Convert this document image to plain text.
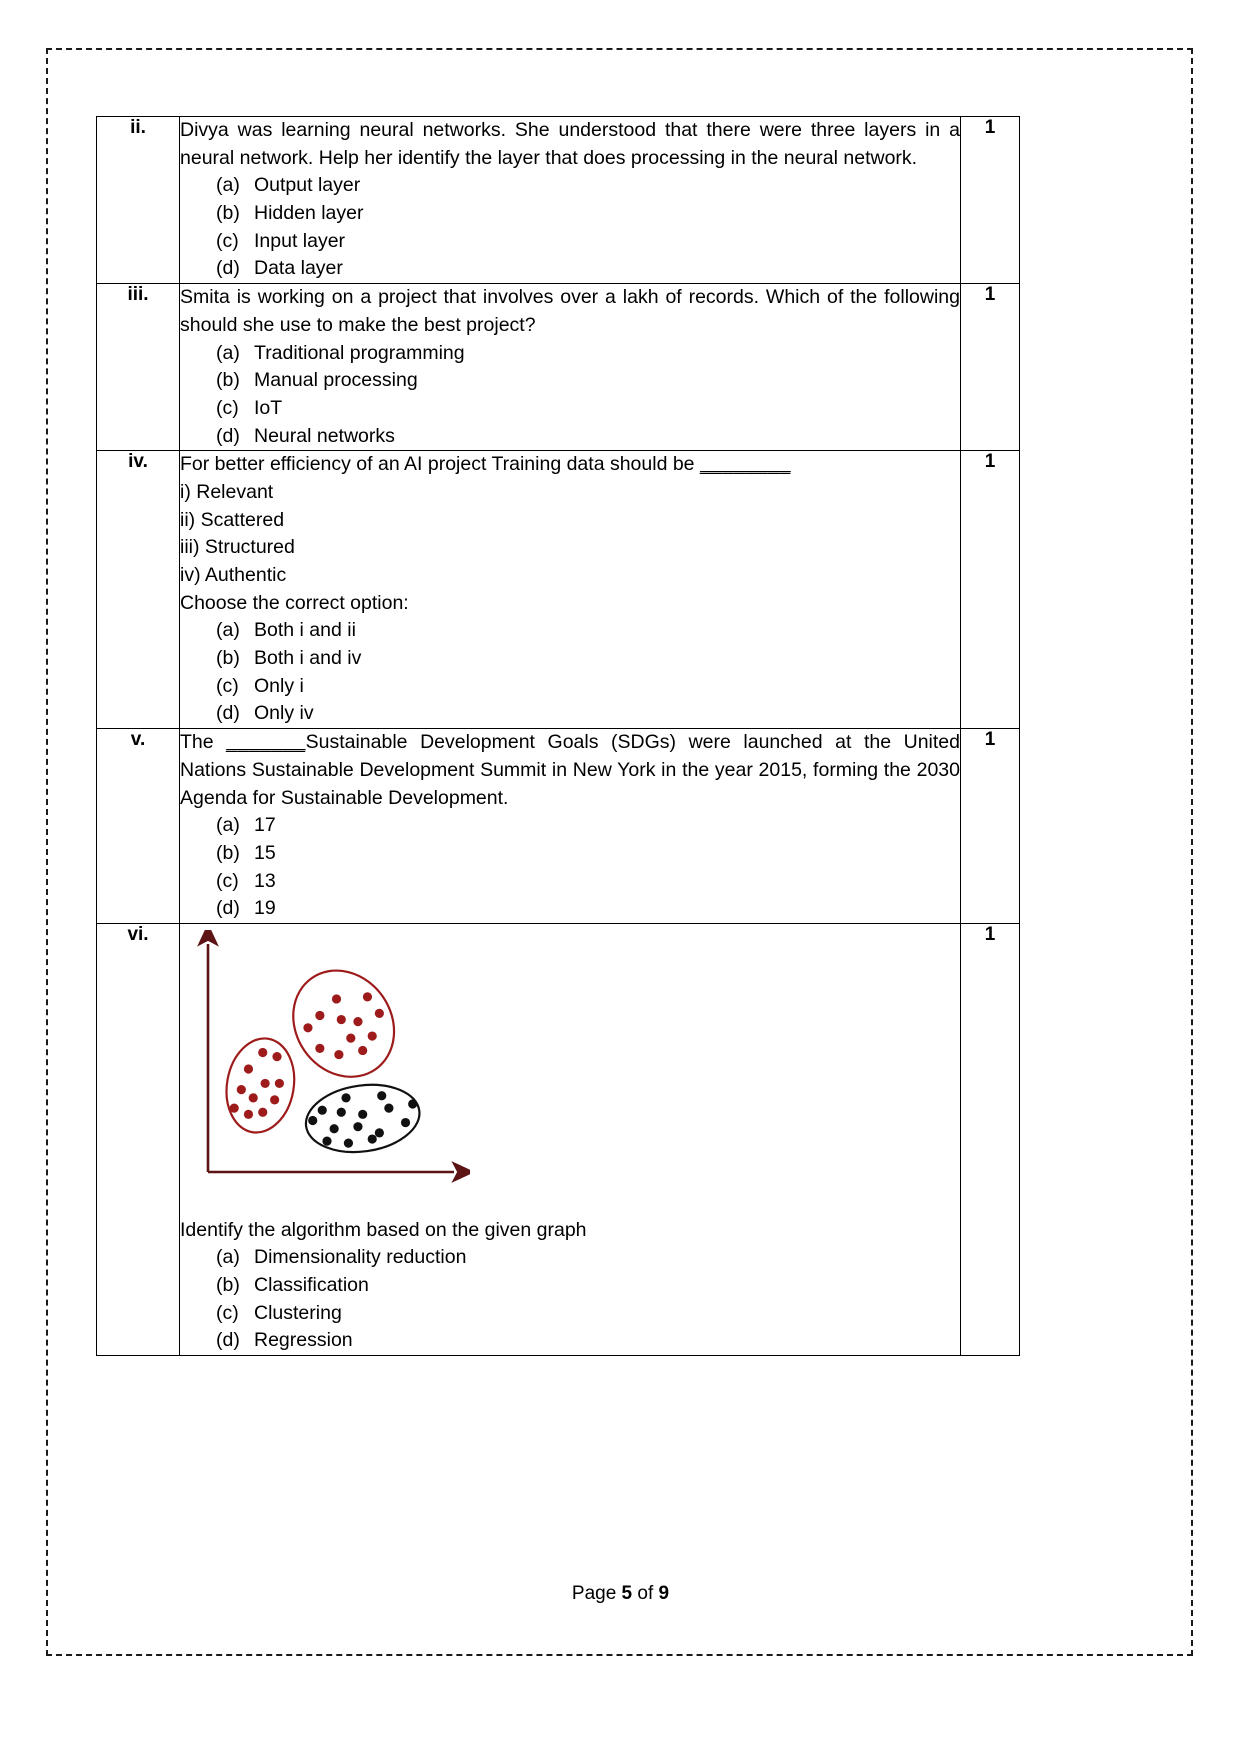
ii.	Divya was learning neural networks. She understood that there were three layers in a neural network. Help her identify the layer that does processing in the neural network.

(a) Output layer
(b) Hidden layer
(c) Input layer
(d) Data layer
	1
iii.	Smita is working on a project that involves over a lakh of records. Which of the following should she use to make the best project?

(a) Traditional programming
(b) Manual processing
(c) IoT
(d) Neural networks
	1
iv.	For better efficiency of an AI project Training data should be ________

i) Relevant

ii) Scattered

iii) Structured

iv) Authentic

Choose the correct option:

(a) Both i and ii
(b) Both i and iv
(c) Only i
(d) Only iv
	1
v.	The _______Sustainable Development Goals (SDGs) were launched at the United Nations Sustainable Development Summit in New York in the year 2015, forming the 2030 Agenda for Sustainable Development.

(a) 17
(b) 15
(c) 13
(d) 19
	1
vi.	

Identify the algorithm based on the given graph

(a) Dimensionality reduction
(b) Classification
(c) Clustering
(d) Regression
	1
Page 5 of 9
